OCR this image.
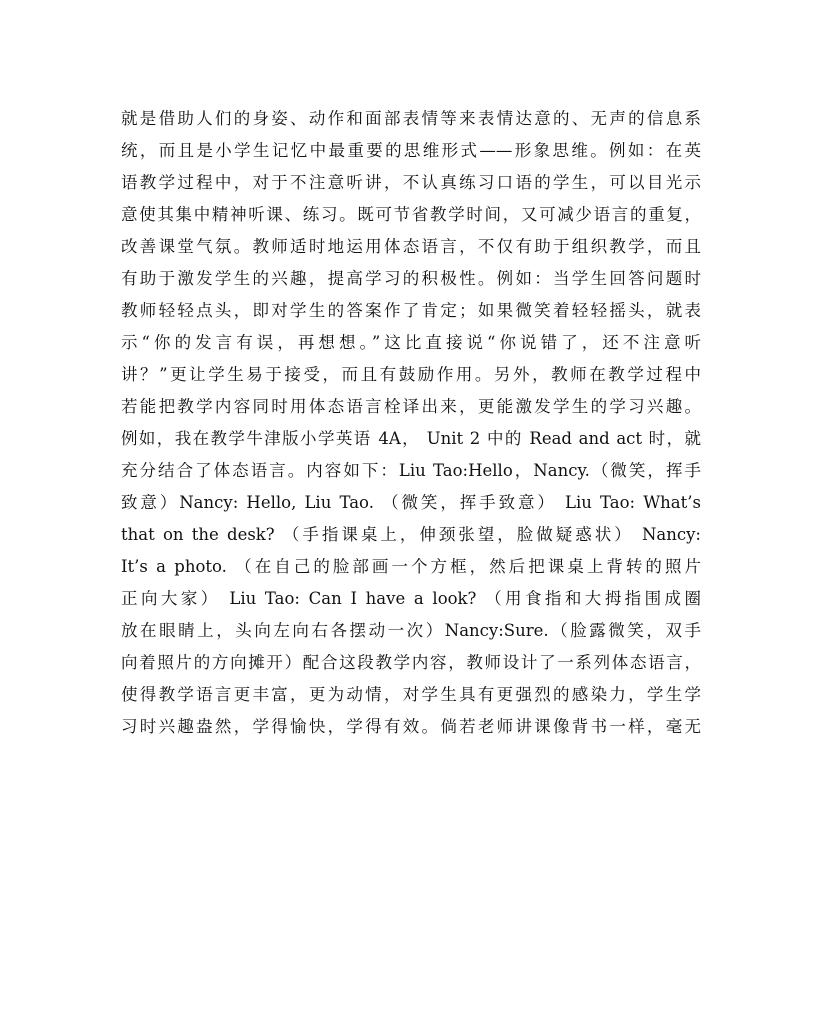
就是借助人们的身姿、动作和面部表情等来表情达意的、无声的信息系
统，而且是小学生记忆中最重要的思维形式——形象思维。例如：在英
语教学过程中，对于不注意听讲，不认真练习口语的学生，可以目光示
意使其集中精神听课、练习。既可节省教学时间，又可减少语言的重复，
改善课堂气氛。教师适时地运用体态语言，不仅有助于组织教学，而且
有助于激发学生的兴趣，提高学习的积极性。例如：当学生回答问题时
教师轻轻点头，即对学生的答案作了肯定；如果微笑着轻轻摇头，就表
示“你的发言有误，再想想。”这比直接说“你说错了，还不注意听
讲？”更让学生易于接受，而且有鼓励作用。另外，教师在教学过程中
若能把教学内容同时用体态语言栓译出来，更能激发学生的学习兴趣。
例如，我在教学牛津版小学英语 4A， Unit 2 中的 Read and act 时，就
充分结合了体态语言。内容如下：Liu Tao:Hello，Nancy.（微笑，挥手
致意）Nancy: Hello, Liu Tao. （微笑，挥手致意） Liu Tao: What’s
that on the desk? （手指课桌上，伸颈张望，脸做疑惑状） Nancy:
It’s a photo. （在自己的脸部画一个方框，然后把课桌上背转的照片
正向大家） Liu Tao: Can I have a look? （用食指和大拇指围成圈
放在眼睛上，头向左向右各摆动一次）Nancy:Sure.（脸露微笑，双手
向着照片的方向摊开）配合这段教学内容，教师设计了一系列体态语言，
使得教学语言更丰富，更为动情，对学生具有更强烈的感染力，学生学
习时兴趣盎然，学得愉快，学得有效。倘若老师讲课像背书一样，毫无
